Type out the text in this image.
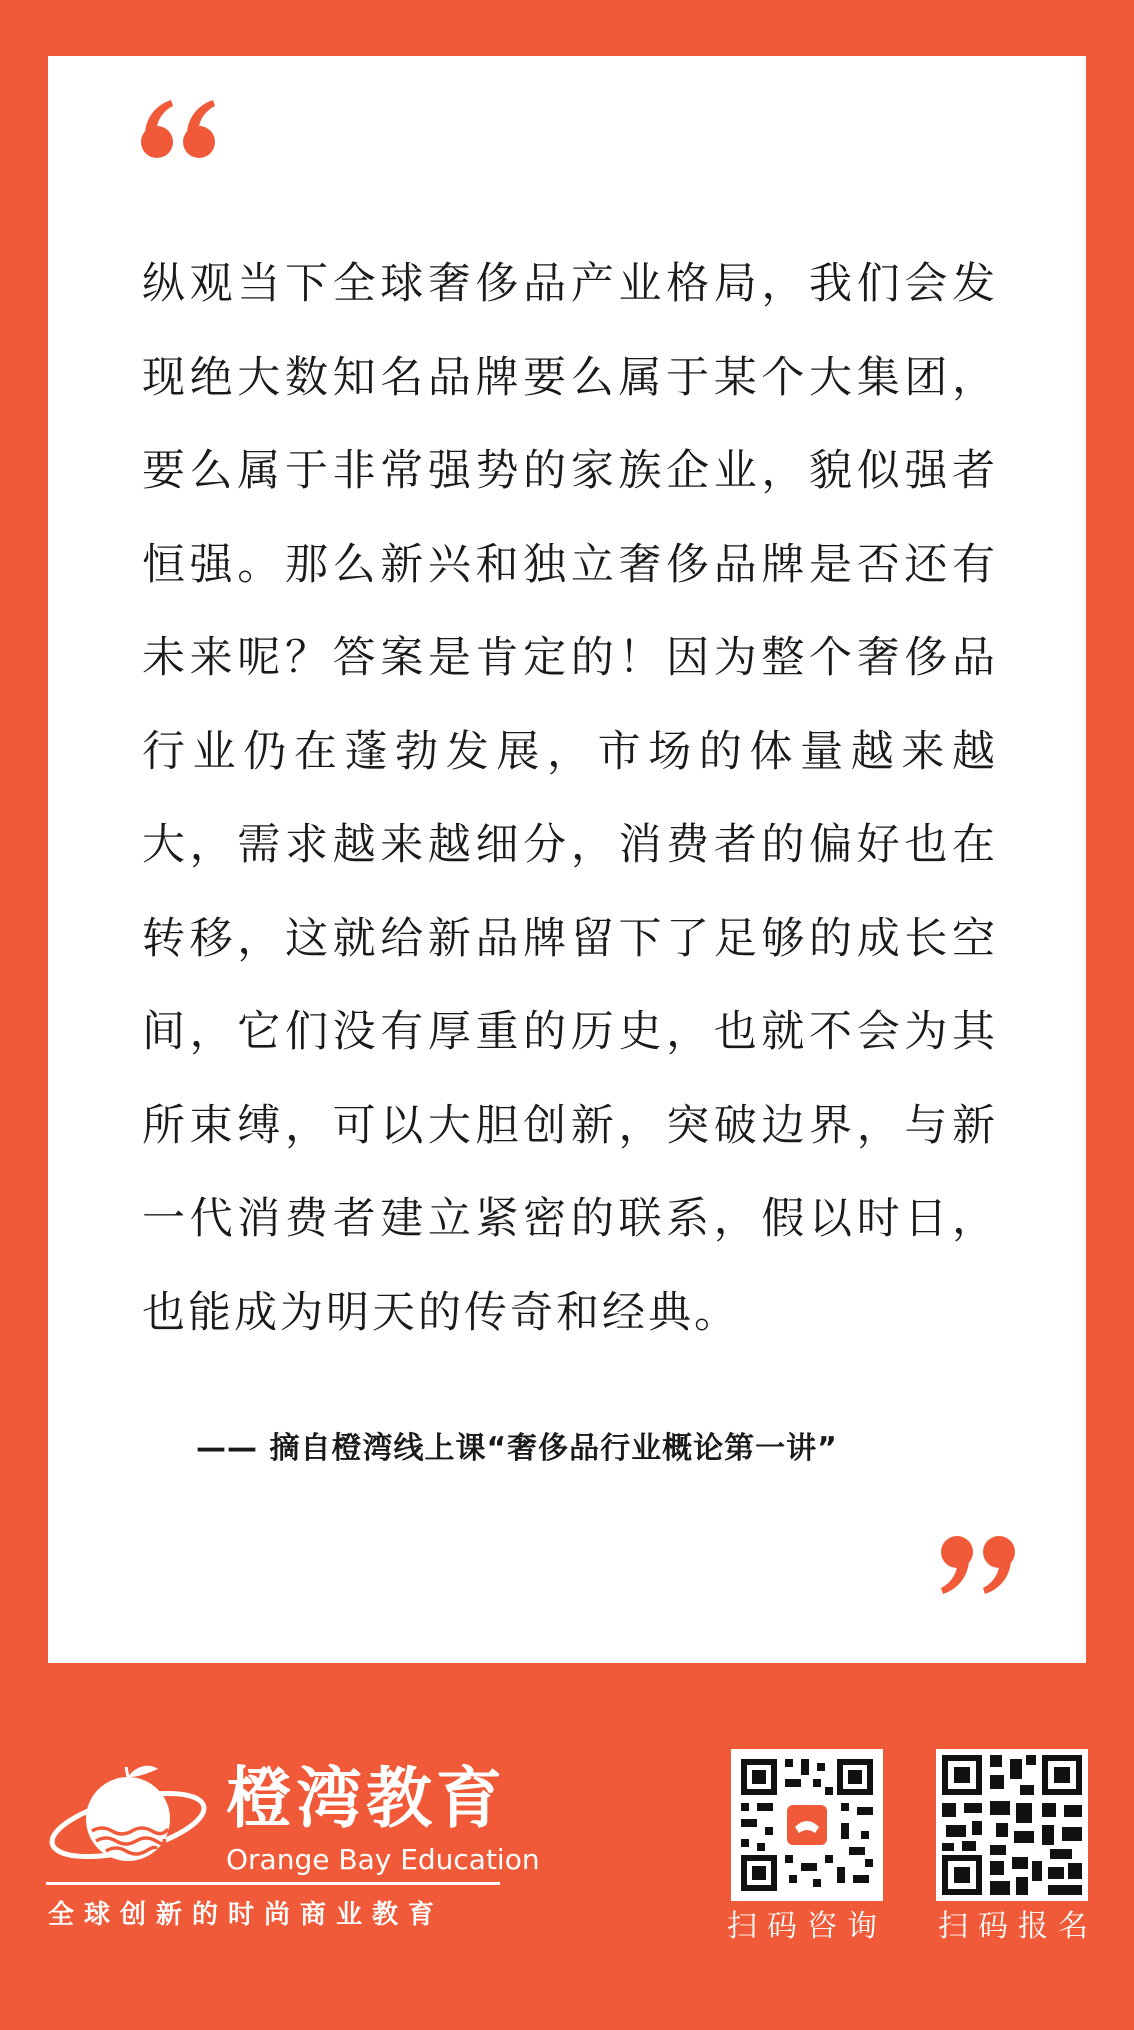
纵观当下全球奢侈品产业格局，我们会发现绝大数知名品牌要么属于某个大集团，要么属于非常强势的家族企业，貌似强者恒强。那么新兴和独立奢侈品牌是否还有未来呢？答案是肯定的！因为整个奢侈品行业仍在蓬勃发展，市场的体量越来越大，需求越来越细分，消费者的偏好也在转移，这就给新品牌留下了足够的成长空间，它们没有厚重的历史，也就不会为其所束缚，可以大胆创新，突破边界，与新一代消费者建立紧密的联系，假以时日，也能成为明天的传奇和经典。

—— 摘自橙湾线上课“奢侈品行业概论第一讲”

橙湾教育

Orange Bay Education

全球创新的时尚商业教育	扫码咨询	扫码报名
